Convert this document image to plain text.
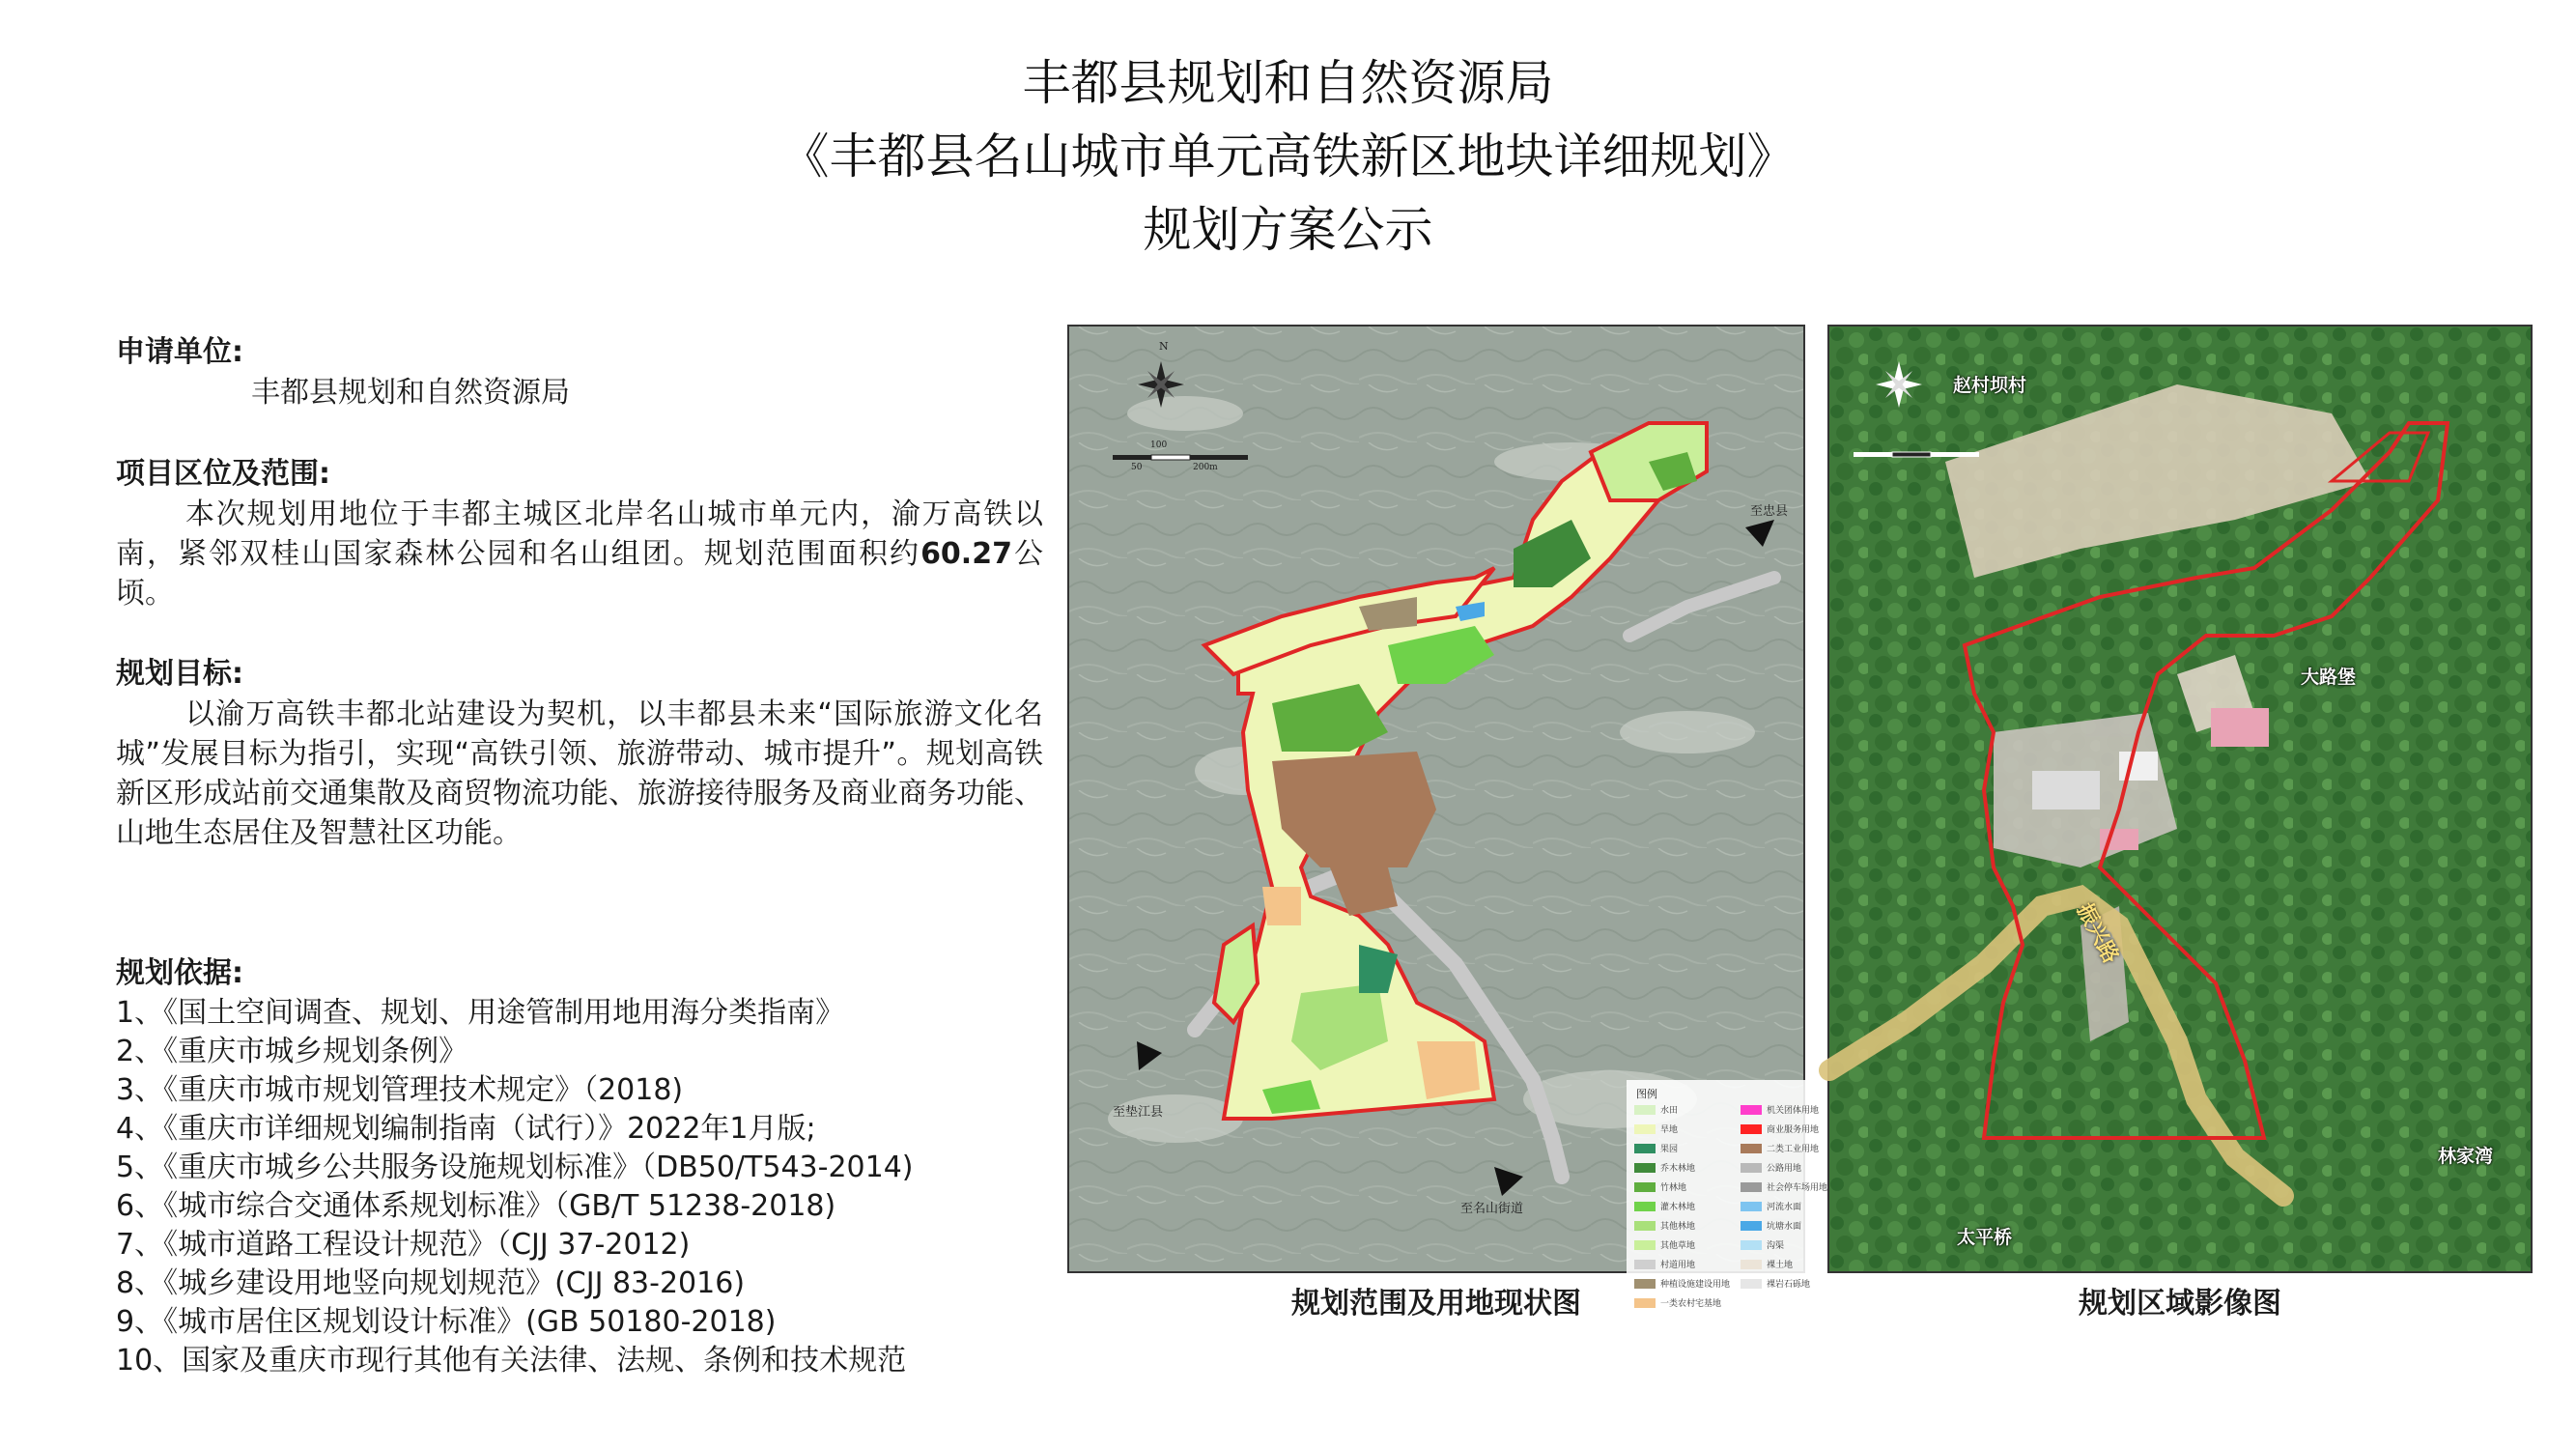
丰都县规划和自然资源局
《丰都县名山城市单元高铁新区地块详细规划》
规划方案公示
申请单位:
丰都县规划和自然资源局
项目区位及范围:

本次规划用地位于丰都主城区北岸名山城市单元内，渝万高铁以南，紧邻双桂山国家森林公园和名山组团。规划范围面积约60.27公顷。

规划目标:

以渝万高铁丰都北站建设为契机，以丰都县未来“国际旅游文化名城”发展目标为指引，实现“高铁引领、旅游带动、城市提升”。规划高铁新区形成站前交通集散及商贸物流功能、旅游接待服务及商业商务功能、山地生态居住及智慧社区功能。

规划依据:
1、《国土空间调查、规划、用途管制用地用海分类指南》
2、《重庆市城乡规划条例》
3、《重庆市城市规划管理技术规定》（2018)
4、《重庆市详细规划编制指南（试行）》2022年1月版;
5、《重庆市城乡公共服务设施规划标准》（DB50/T543-2014)
6、《城市综合交通体系规划标准》（GB/T 51238-2018)
7、《城市道路工程设计规范》（CJJ 37-2012)
8、《城乡建设用地竖向规划规范》(CJJ 83-2016)
9、《城市居住区规划设计标准》(GB 50180-2018)
10、国家及重庆市现行其他有关法律、法规、条例和技术规范
N
100
50	200m
至忠县
至垫江县
至名山街道
图例
水田
旱地
果园
乔木林地
竹林地
灌木林地
其他林地
其他草地
村道用地
种植设施建设用地
一类农村宅基地
机关团体用地
商业服务用地
二类工业用地
公路用地
社会停车场用地
河流水面
坑塘水面
沟渠
裸土地
裸岩石砾地
规划范围及用地现状图
赵村坝村
大路堡
林家湾
太平桥
振兴路
规划区域影像图
